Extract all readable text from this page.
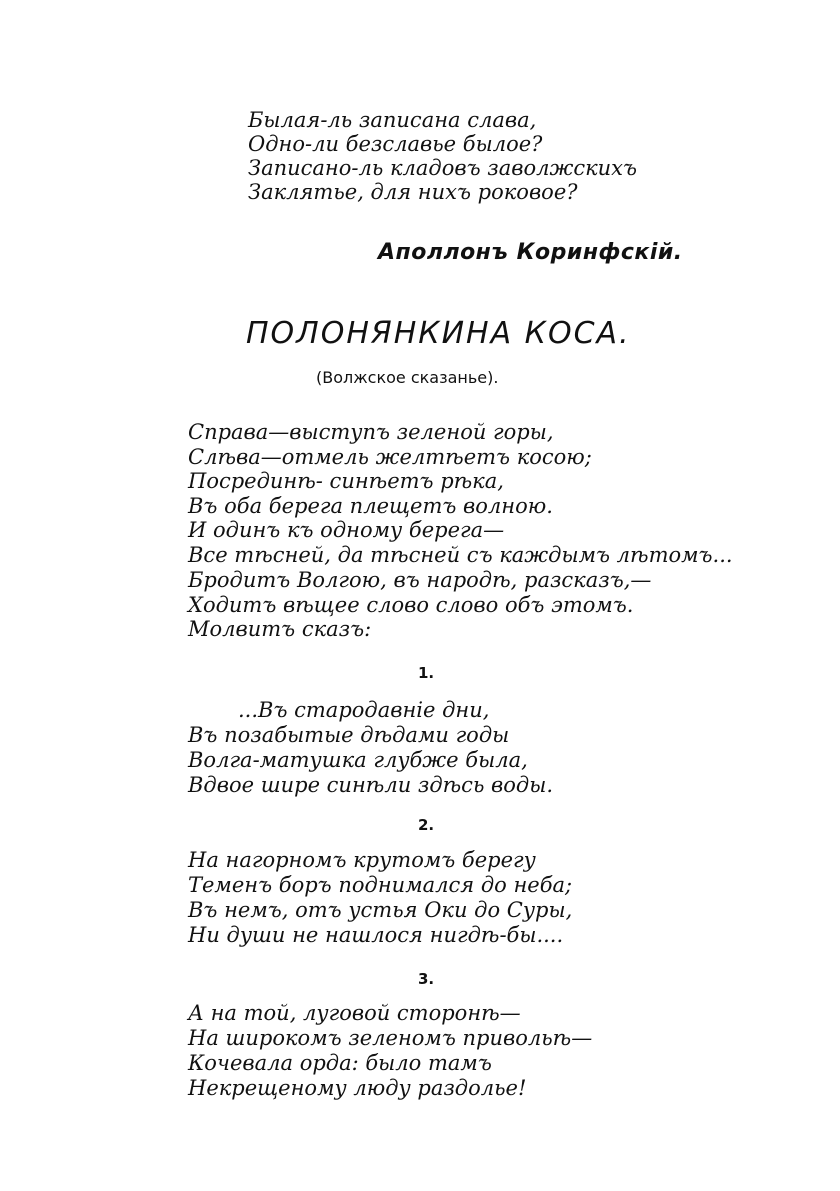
Былая-ль записана слава,
Одно-ли безславье былое?
Записано-ль кладовъ заволжскихъ
Заклятье, для нихъ роковое?
Аполлонъ Коринфскій.
ПОЛОНЯНКИНА КОСА.
(Волжское сказанье).
Справа—выступъ зеленой горы,
Слѣва—отмель желтѣетъ косою;
Посрединѣ- синѣетъ рѣка,
Въ оба берега плещетъ волною.
И одинъ къ одному берега—
Все тѣсней, да тѣсней съ каждымъ лѣтомъ...
Бродитъ Волгою, въ народѣ, разсказъ,—
Ходитъ вѣщее слово слово объ этомъ.
Молвитъ сказъ:
1.
...Въ стародавніе дни,
Въ позабытые дѣдами годы
Волга-матушка глубже была,
Вдвое шире синѣли здѣсь воды.
2.
На нагорномъ крутомъ берегу
Теменъ боръ поднимался до неба;
Въ немъ, отъ устья Оки до Суры,
Ни души не нашлося нигдѣ-бы....
3.
А на той, луговой сторонѣ—
На широкомъ зеленомъ привольѣ—
Кочевала орда: было тамъ
Некрещеному люду раздолье!
